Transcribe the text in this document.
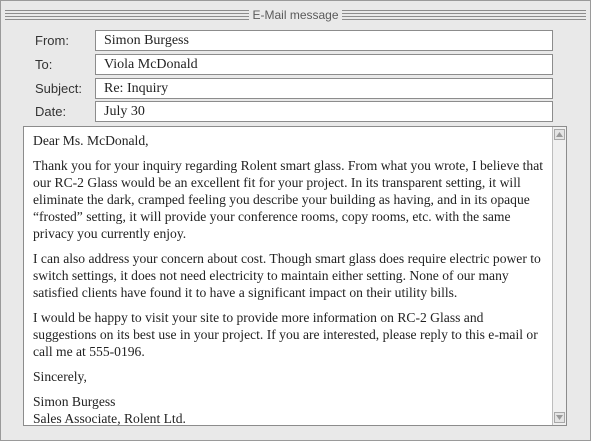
E-Mail message
From:	Simon Burgess
To:	Viola McDonald
Subject:	Re: Inquiry
Date:	July 30

Dear Ms. McDonald,

Thank you for your inquiry regarding Rolent smart glass. From what you wrote, I believe that our RC-2 Glass would be an excellent fit for your project. In its transparent setting, it will eliminate the dark, cramped feeling you describe your building as having, and in its opaque “frosted” setting, it will provide your conference rooms, copy rooms, etc. with the same privacy you currently enjoy.

I can also address your concern about cost. Though smart glass does require electric power to switch settings, it does not need electricity to maintain either setting. None of our many satisfied clients have found it to have a significant impact on their utility bills.

I would be happy to visit your site to provide more information on RC-2 Glass and suggestions on its best use in your project. If you are interested, please reply to this e-mail or call me at 555-0196.

Sincerely,

Simon Burgess

Sales Associate, Rolent Ltd.
